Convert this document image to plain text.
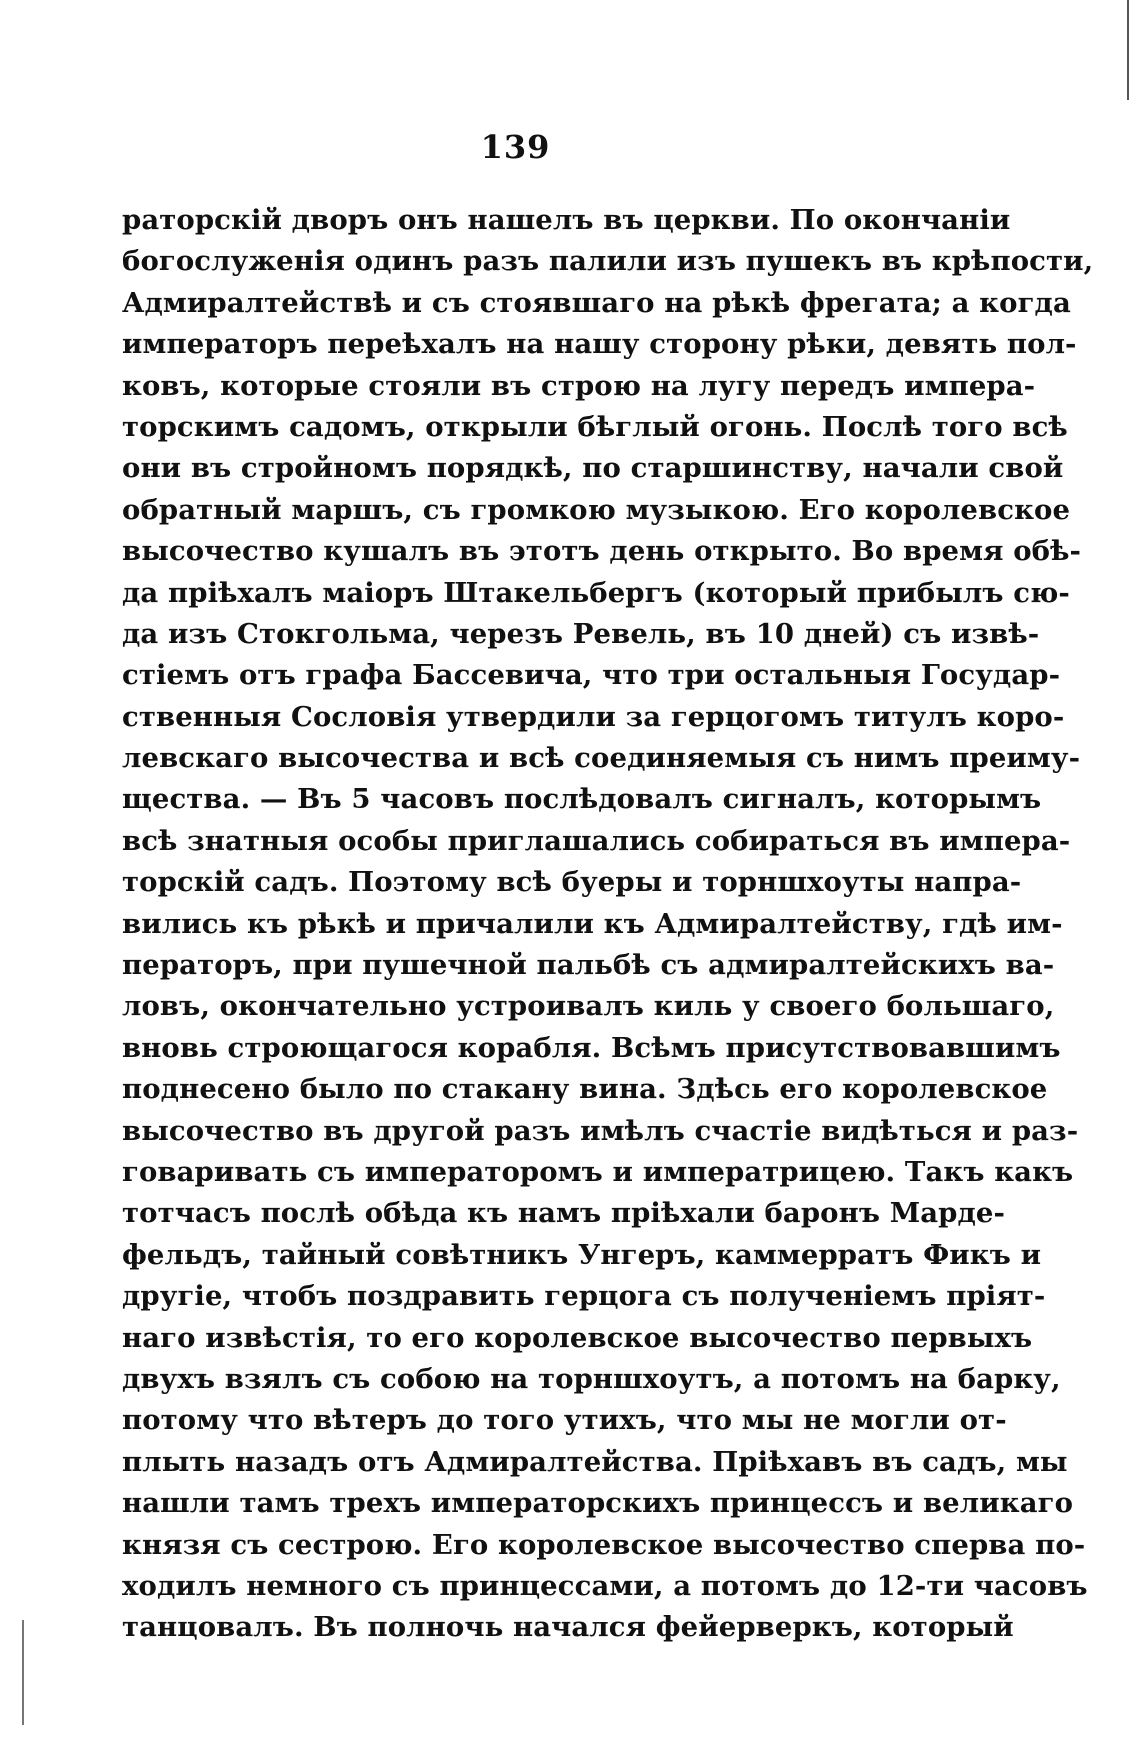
139
раторскій дворъ онъ нашелъ въ церкви. По окончаніи
богослуженія одинъ разъ палили изъ пушекъ въ крѣпости,
Адмиралтействѣ и съ стоявшаго на рѣкѣ фрегата; а когда
императоръ переѣхалъ на нашу сторону рѣки, девять пол-
ковъ, которые стояли въ строю на лугу передъ импера-
торскимъ садомъ, открыли бѣглый огонь. Послѣ того всѣ
они въ стройномъ порядкѣ, по старшинству, начали свой
обратный маршъ, съ громкою музыкою. Его королевское
высочество кушалъ въ этотъ день открыто. Во время обѣ-
да пріѣхалъ маіоръ Штакельбергъ (который прибылъ сю-
да изъ Стокгольма, черезъ Ревель, въ 10 дней) съ извѣ-
стіемъ отъ графа Бассевича, что три остальныя Государ-
ственныя Сословія утвердили за герцогомъ титулъ коро-
левскаго высочества и всѣ соединяемыя съ нимъ преиму-
щества. — Въ 5 часовъ послѣдовалъ сигналъ, которымъ
всѣ знатныя особы приглашались собираться въ импера-
торскій садъ. Поэтому всѣ буеры и торншхоуты напра-
вились къ рѣкѣ и причалили къ Адмиралтейству, гдѣ им-
ператоръ, при пушечной пальбѣ съ адмиралтейскихъ ва-
ловъ, окончательно устроивалъ киль у своего большаго,
вновь строющагося корабля. Всѣмъ присутствовавшимъ
поднесено было по стакану вина. Здѣсь его королевское
высочество въ другой разъ имѣлъ счастіе видѣться и раз-
говаривать съ императоромъ и императрицею. Такъ какъ
тотчасъ послѣ обѣда къ намъ пріѣхали баронъ Марде-
фельдъ, тайный совѣтникъ Унгеръ, каммерратъ Фикъ и
другіе, чтобъ поздравить герцога съ полученіемъ пріят-
наго извѣстія, то его королевское высочество первыхъ
двухъ взялъ съ собою на торншхоутъ, а потомъ на барку,
потому что вѣтеръ до того утихъ, что мы не могли от-
плыть назадъ отъ Адмиралтейства. Пріѣхавъ въ садъ, мы
нашли тамъ трехъ императорскихъ принцессъ и великаго
князя съ сестрою. Его королевское высочество сперва по-
ходилъ немного съ принцессами, а потомъ до 12-ти часовъ
танцовалъ. Въ полночь начался фейерверкъ, который
